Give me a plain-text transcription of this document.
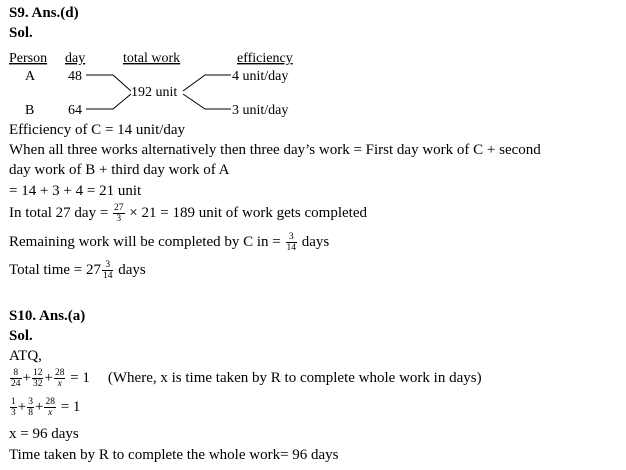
S9. Ans.(d)
Sol.
Person day	total work	efficiency
A 48
B 64
192 unit
4 unit/day
3 unit/day
Efficiency of C = 14 unit/day
When all three works alternatively then three day’s work = First day work of C + second
day work of B + third day work of A
= 14 + 3 + 4 = 21 unit
In total 27 day = $\frac{27}{3} \times 21 = 189$ unit of work gets completed
Remaining work will be completed by C in = $\frac{3}{14}$ days
Total time = $27 \frac{3}{14}$ days
S10. Ans.(a)
Sol.
ATQ,
$\frac{8}{24} + \frac{12}{32} + \frac{28}{x} = 1$ (Where, x is time taken by R to complete whole work in days)
$\frac{1}{3} + \frac{3}{8} + \frac{28}{x} = 1$
x = 96 days
Time taken by R to complete the whole work= 96 days
